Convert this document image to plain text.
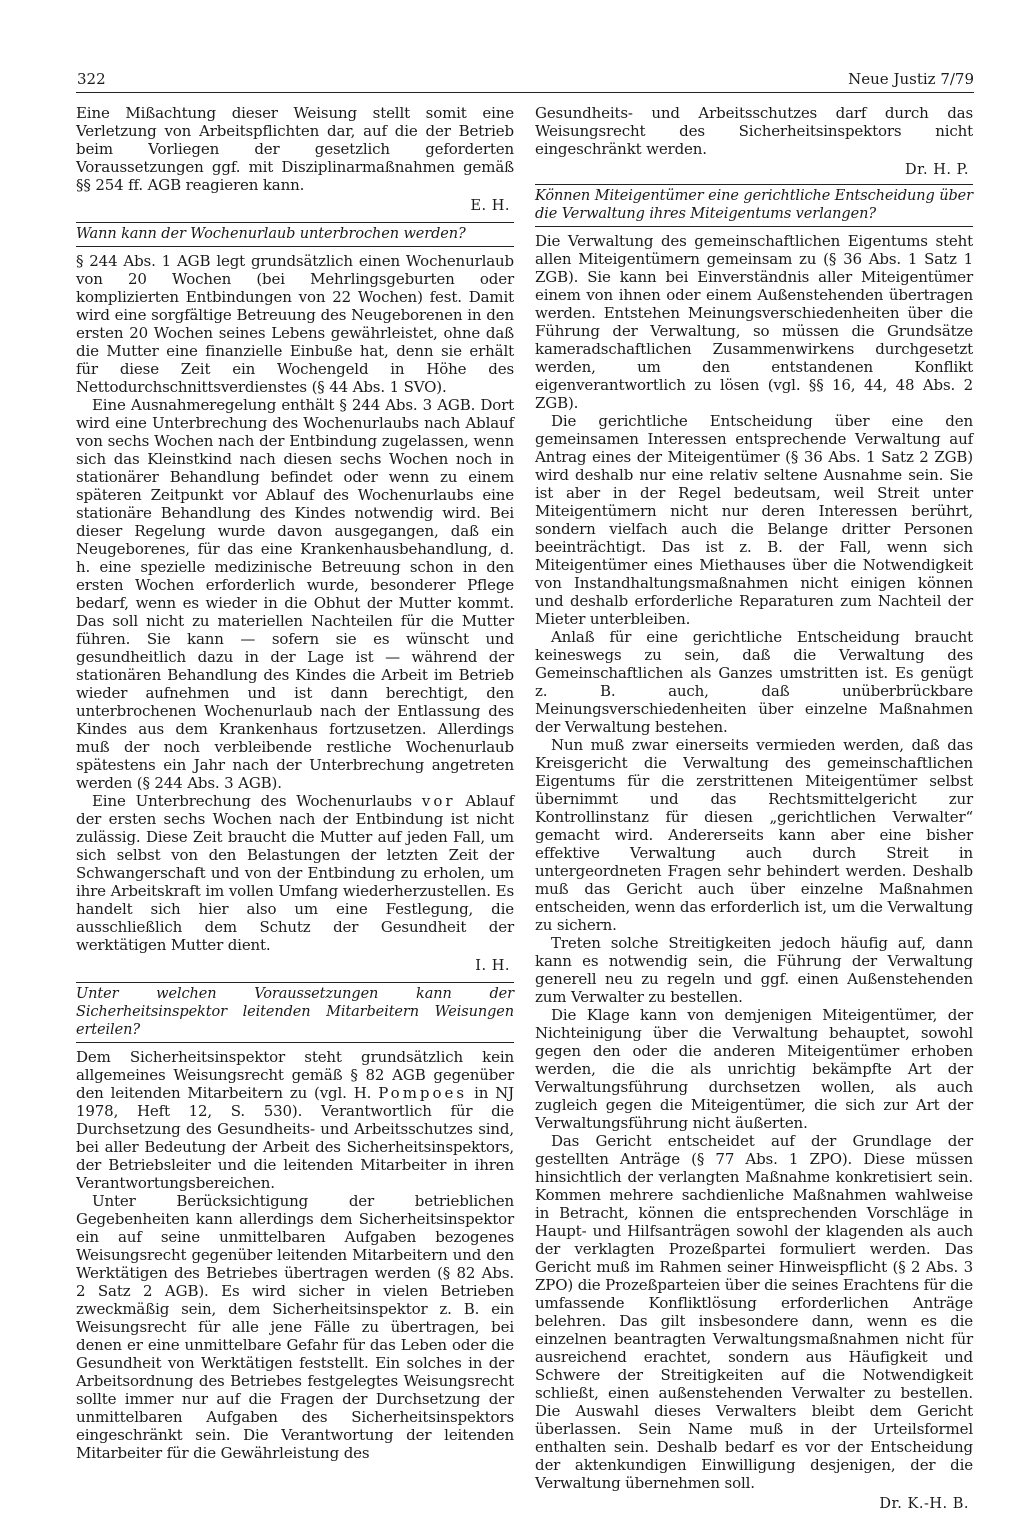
322	Neue Justiz 7/79

Eine Mißachtung dieser Weisung stellt somit eine Verletzung von Arbeitspflichten dar, auf die der Betrieb beim Vorliegen der gesetzlich geforderten Voraussetzungen ggf. mit Disziplinarmaßnahmen gemäß §§ 254 ff. AGB reagieren kann.

E. H.

Wann kann der Wochenurlaub unterbrochen werden?

§ 244 Abs. 1 AGB legt grundsätzlich einen Wochenurlaub von 20 Wochen (bei Mehrlingsgeburten oder komplizierten Entbindungen von 22 Wochen) fest. Damit wird eine sorgfältige Betreuung des Neugeborenen in den ersten 20 Wochen seines Lebens gewährleistet, ohne daß die Mutter eine finanzielle Einbuße hat, denn sie erhält für diese Zeit ein Wochengeld in Höhe des Nettodurchschnittsverdienstes (§ 44 Abs. 1 SVO).

Eine Ausnahmeregelung enthält § 244 Abs. 3 AGB. Dort wird eine Unterbrechung des Wochenurlaubs nach Ablauf von sechs Wochen nach der Entbindung zugelassen, wenn sich das Kleinstkind nach diesen sechs Wochen noch in stationärer Behandlung befindet oder wenn zu einem späteren Zeitpunkt vor Ablauf des Wochenurlaubs eine stationäre Behandlung des Kindes notwendig wird. Bei dieser Regelung wurde davon ausgegangen, daß ein Neugeborenes, für das eine Krankenhausbehandlung, d. h. eine spezielle medizinische Betreuung schon in den ersten Wochen erforderlich wurde, besonderer Pflege bedarf, wenn es wieder in die Obhut der Mutter kommt. Das soll nicht zu materiellen Nachteilen für die Mutter führen. Sie kann — sofern sie es wünscht und gesundheitlich dazu in der Lage ist — während der stationären Behandlung des Kindes die Arbeit im Betrieb wieder aufnehmen und ist dann berechtigt, den unterbrochenen Wochenurlaub nach der Entlassung des Kindes aus dem Krankenhaus fortzusetzen. Allerdings muß der noch verbleibende restliche Wochenurlaub spätestens ein Jahr nach der Unterbrechung angetreten werden (§ 244 Abs. 3 AGB).

Eine Unterbrechung des Wochenurlaubs vor Ablauf der ersten sechs Wochen nach der Entbindung ist nicht zulässig. Diese Zeit braucht die Mutter auf jeden Fall, um sich selbst von den Belastungen der letzten Zeit der Schwangerschaft und von der Entbindung zu erholen, um ihre Arbeitskraft im vollen Umfang wiederherzustellen. Es handelt sich hier also um eine Festlegung, die ausschließlich dem Schutz der Gesundheit der werktätigen Mutter dient.

I. H.

Unter welchen Voraussetzungen kann der Sicherheitsinspektor leitenden Mitarbeitern Weisungen erteilen?

Dem Sicherheitsinspektor steht grundsätzlich kein allgemeines Weisungsrecht gemäß § 82 AGB gegenüber den leitenden Mitarbeitern zu (vgl. H. Pompoes in NJ 1978, Heft 12, S. 530). Verantwortlich für die Durchsetzung des Gesundheits- und Arbeitsschutzes sind, bei aller Bedeutung der Arbeit des Sicherheitsinspektors, der Betriebsleiter und die leitenden Mitarbeiter in ihren Verantwortungsbereichen.

Unter Berücksichtigung der betrieblichen Gegebenheiten kann allerdings dem Sicherheitsinspektor ein auf seine unmittelbaren Aufgaben bezogenes Weisungsrecht gegenüber leitenden Mitarbeitern und den Werktätigen des Betriebes übertragen werden (§ 82 Abs. 2 Satz 2 AGB). Es wird sicher in vielen Betrieben zweckmäßig sein, dem Sicherheitsinspektor z. B. ein Weisungsrecht für alle jene Fälle zu übertragen, bei denen er eine unmittelbare Gefahr für das Leben oder die Gesundheit von Werktätigen feststellt. Ein solches in der Arbeitsordnung des Betriebes festgelegtes Weisungsrecht sollte immer nur auf die Fragen der Durchsetzung der unmittelbaren Aufgaben des Sicherheitsinspektors eingeschränkt sein. Die Verantwortung der leitenden Mitarbeiter für die Gewährleistung des

Gesundheits- und Arbeitsschutzes darf durch das Weisungsrecht des Sicherheitsinspektors nicht eingeschränkt werden.

Dr. H. P.

Können Miteigentümer eine gerichtliche Entscheidung über die Verwaltung ihres Miteigentums verlangen?

Die Verwaltung des gemeinschaftlichen Eigentums steht allen Miteigentümern gemeinsam zu (§ 36 Abs. 1 Satz 1 ZGB). Sie kann bei Einverständnis aller Miteigentümer einem von ihnen oder einem Außenstehenden übertragen werden. Entstehen Meinungsverschiedenheiten über die Führung der Verwaltung, so müssen die Grundsätze kameradschaftlichen Zusammenwirkens durchgesetzt werden, um den entstandenen Konflikt eigenverantwortlich zu lösen (vgl. §§ 16, 44, 48 Abs. 2 ZGB).

Die gerichtliche Entscheidung über eine den gemeinsamen Interessen entsprechende Verwaltung auf Antrag eines der Miteigentümer (§ 36 Abs. 1 Satz 2 ZGB) wird deshalb nur eine relativ seltene Ausnahme sein. Sie ist aber in der Regel bedeutsam, weil Streit unter Miteigentümern nicht nur deren Interessen berührt, sondern vielfach auch die Belange dritter Personen beeinträchtigt. Das ist z. B. der Fall, wenn sich Miteigentümer eines Miethauses über die Notwendigkeit von Instandhaltungsmaßnahmen nicht einigen können und deshalb erforderliche Reparaturen zum Nachteil der Mieter unterbleiben.

Anlaß für eine gerichtliche Entscheidung braucht keineswegs zu sein, daß die Verwaltung des Gemeinschaftlichen als Ganzes umstritten ist. Es genügt z. B. auch, daß unüberbrückbare Meinungsverschiedenheiten über einzelne Maßnahmen der Verwaltung bestehen.

Nun muß zwar einerseits vermieden werden, daß das Kreisgericht die Verwaltung des gemeinschaftlichen Eigentums für die zerstrittenen Miteigentümer selbst übernimmt und das Rechtsmittelgericht zur Kontrollinstanz für diesen „gerichtlichen Verwalter“ gemacht wird. Andererseits kann aber eine bisher effektive Verwaltung auch durch Streit in untergeordneten Fragen sehr behindert werden. Deshalb muß das Gericht auch über einzelne Maßnahmen entscheiden, wenn das erforderlich ist, um die Verwaltung zu sichern.

Treten solche Streitigkeiten jedoch häufig auf, dann kann es notwendig sein, die Führung der Verwaltung generell neu zu regeln und ggf. einen Außenstehenden zum Verwalter zu bestellen.

Die Klage kann von demjenigen Miteigentümer, der Nichteinigung über die Verwaltung behauptet, sowohl gegen den oder die anderen Miteigentümer erhoben werden, die die als unrichtig bekämpfte Art der Verwaltungsführung durchsetzen wollen, als auch zugleich gegen die Miteigentümer, die sich zur Art der Verwaltungsführung nicht äußerten.

Das Gericht entscheidet auf der Grundlage der gestellten Anträge (§ 77 Abs. 1 ZPO). Diese müssen hinsichtlich der verlangten Maßnahme konkretisiert sein. Kommen mehrere sachdienliche Maßnahmen wahlweise in Betracht, können die entsprechenden Vorschläge in Haupt- und Hilfsanträgen sowohl der klagenden als auch der verklagten Prozeßpartei formuliert werden. Das Gericht muß im Rahmen seiner Hinweispflicht (§ 2 Abs. 3 ZPO) die Prozeßparteien über die seines Erachtens für die umfassende Konfliktlösung erforderlichen Anträge belehren. Das gilt insbesondere dann, wenn es die einzelnen beantragten Verwaltungsmaßnahmen nicht für ausreichend erachtet, sondern aus Häufigkeit und Schwere der Streitigkeiten auf die Notwendigkeit schließt, einen außenstehenden Verwalter zu bestellen. Die Auswahl dieses Verwalters bleibt dem Gericht überlassen. Sein Name muß in der Urteilsformel enthalten sein. Deshalb bedarf es vor der Entscheidung der aktenkundigen Einwilligung desjenigen, der die Verwaltung übernehmen soll.

Dr. K.-H. B.
